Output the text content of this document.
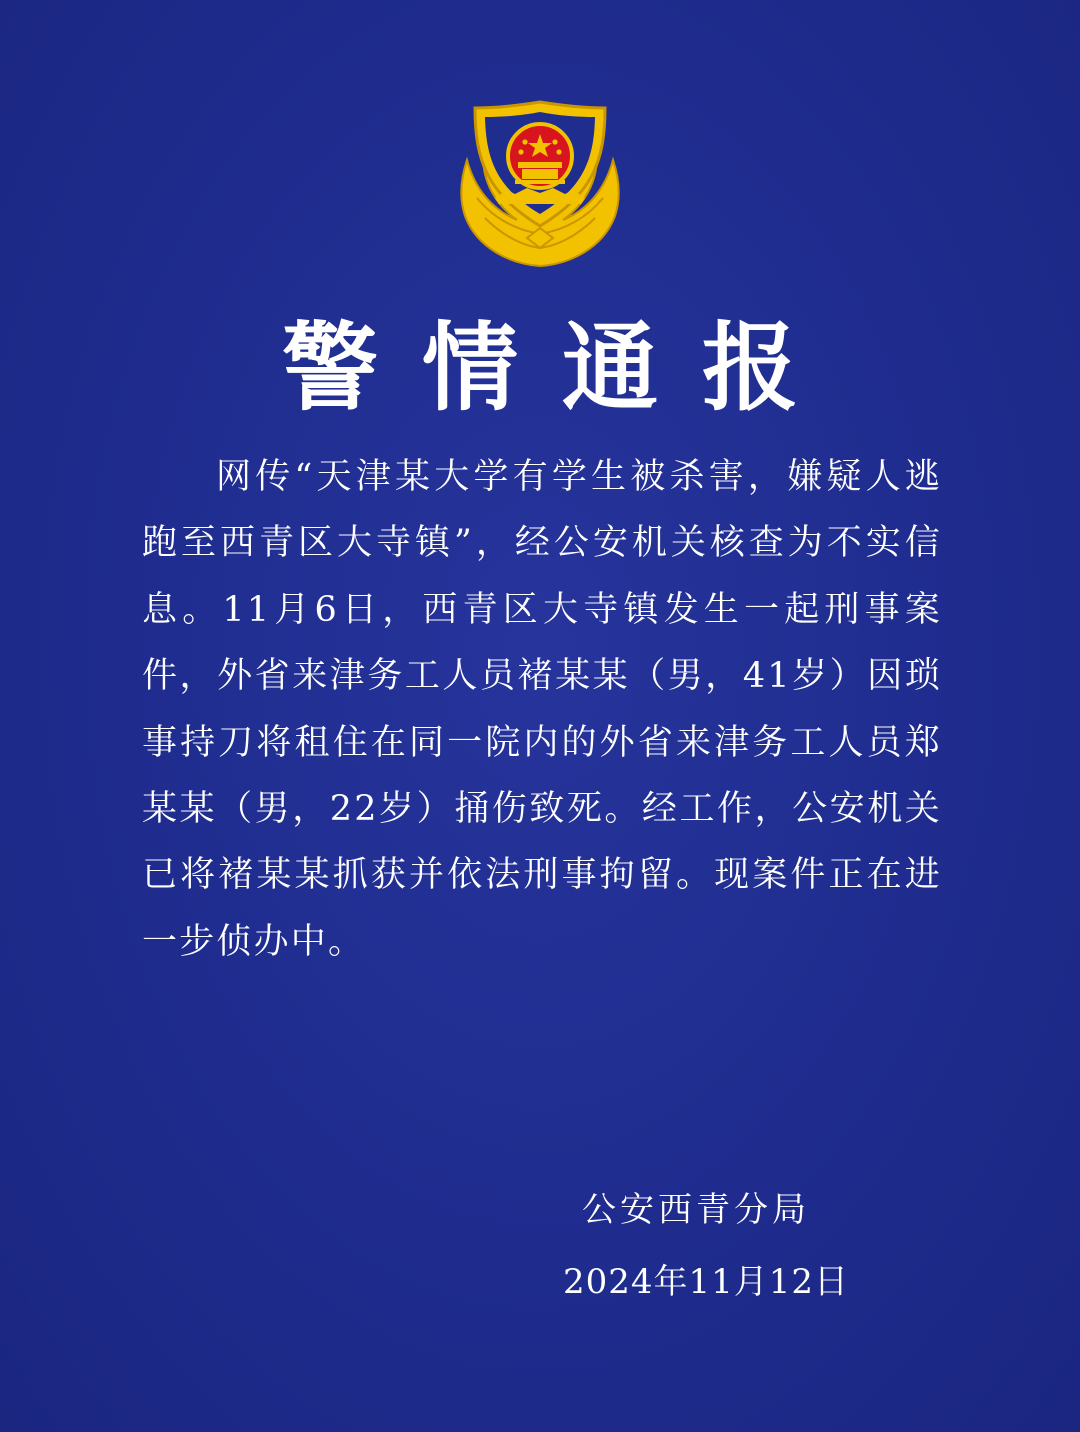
警情通报

网传“天津某大学有学生被杀害，嫌疑人逃跑至西青区大寺镇”，经公安机关核查为不实信息。11月6日，西青区大寺镇发生一起刑事案件，外省来津务工人员褚某某（男，41岁）因琐事持刀将租住在同一院内的外省来津务工人员郑某某（男，22岁）捅伤致死。经工作，公安机关已将褚某某抓获并依法刑事拘留。现案件正在进一步侦办中。

公安西青分局

2024年11月12日
